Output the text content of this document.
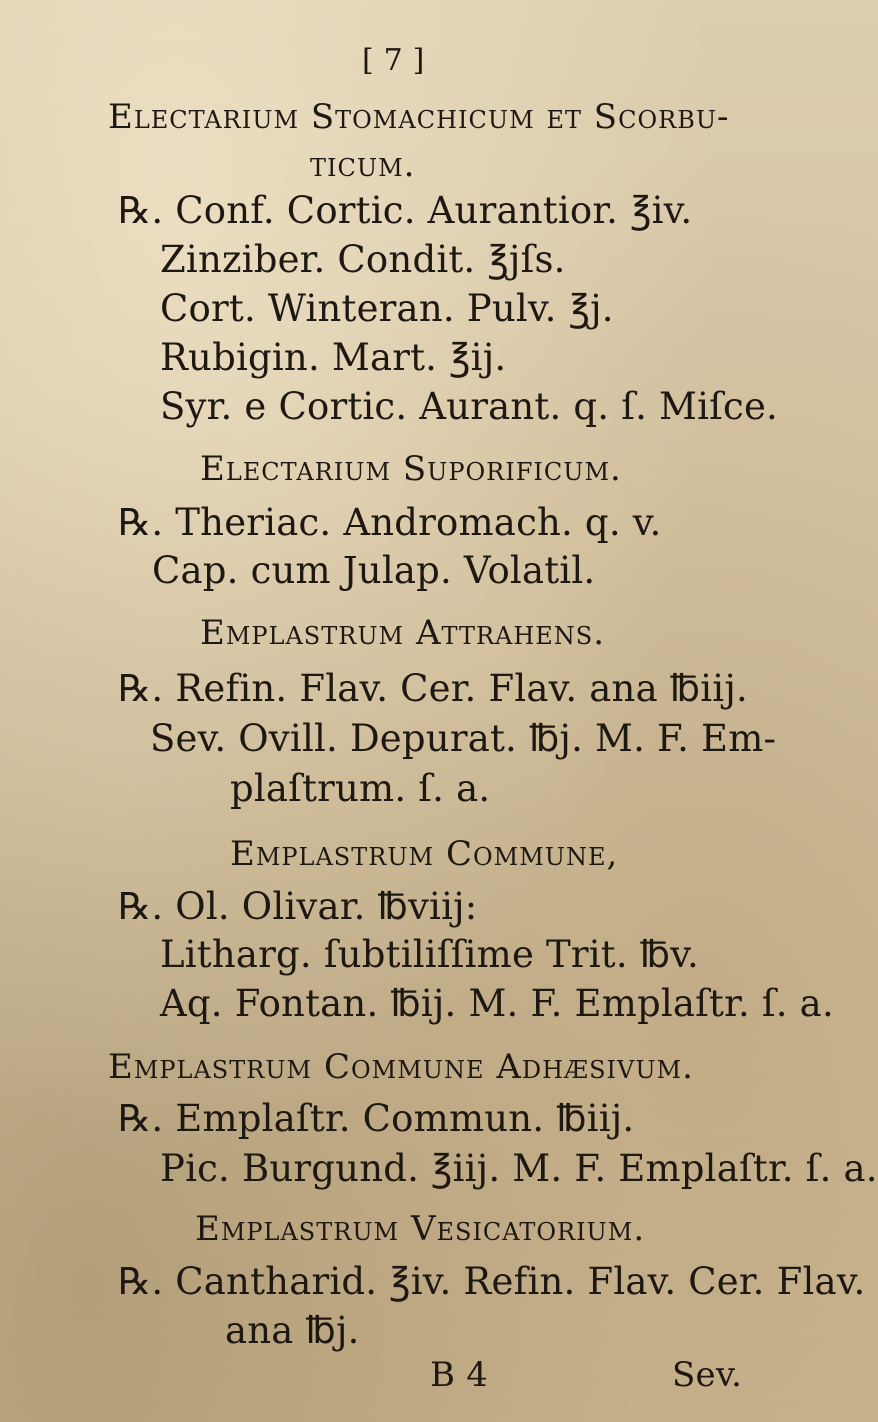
[ 7 ]
Electarium Stomachicum et Scorbu-
ticum.
℞. Conf. Cortic. Aurantior. ℥iv.
Zinziber. Condit. ℥jſs.
Cort. Winteran. Pulv. ℥j.
Rubigin. Mart. ℥ij.
Syr. e Cortic. Aurant. q. ſ. Miſce.
Electarium Suporificum.
℞. Theriac. Andromach. q. v.
Cap. cum Julap. Volatil.
Emplastrum Attrahens.
℞. Refin. Flav. Cer. Flav. ana ℔iij.
Sev. Ovill. Depurat. ℔j. M. F. Em-
plaſtrum. ſ. a.
Emplastrum Commune,
℞. Ol. Olivar. ℔viij:
Litharg. ſubtiliſſime Trit. ℔v.
Aq. Fontan. ℔ij. M. F. Emplaſtr. ſ. a.
Emplastrum Commune Adhæsivum.
℞. Emplaſtr. Commun. ℔iij.
Pic. Burgund. ℥iij. M. F. Emplaſtr. ſ. a.
Emplastrum Vesicatorium.
℞. Cantharid. ℥iv. Refin. Flav. Cer. Flav.
ana ℔j.
B 4	Sev.
